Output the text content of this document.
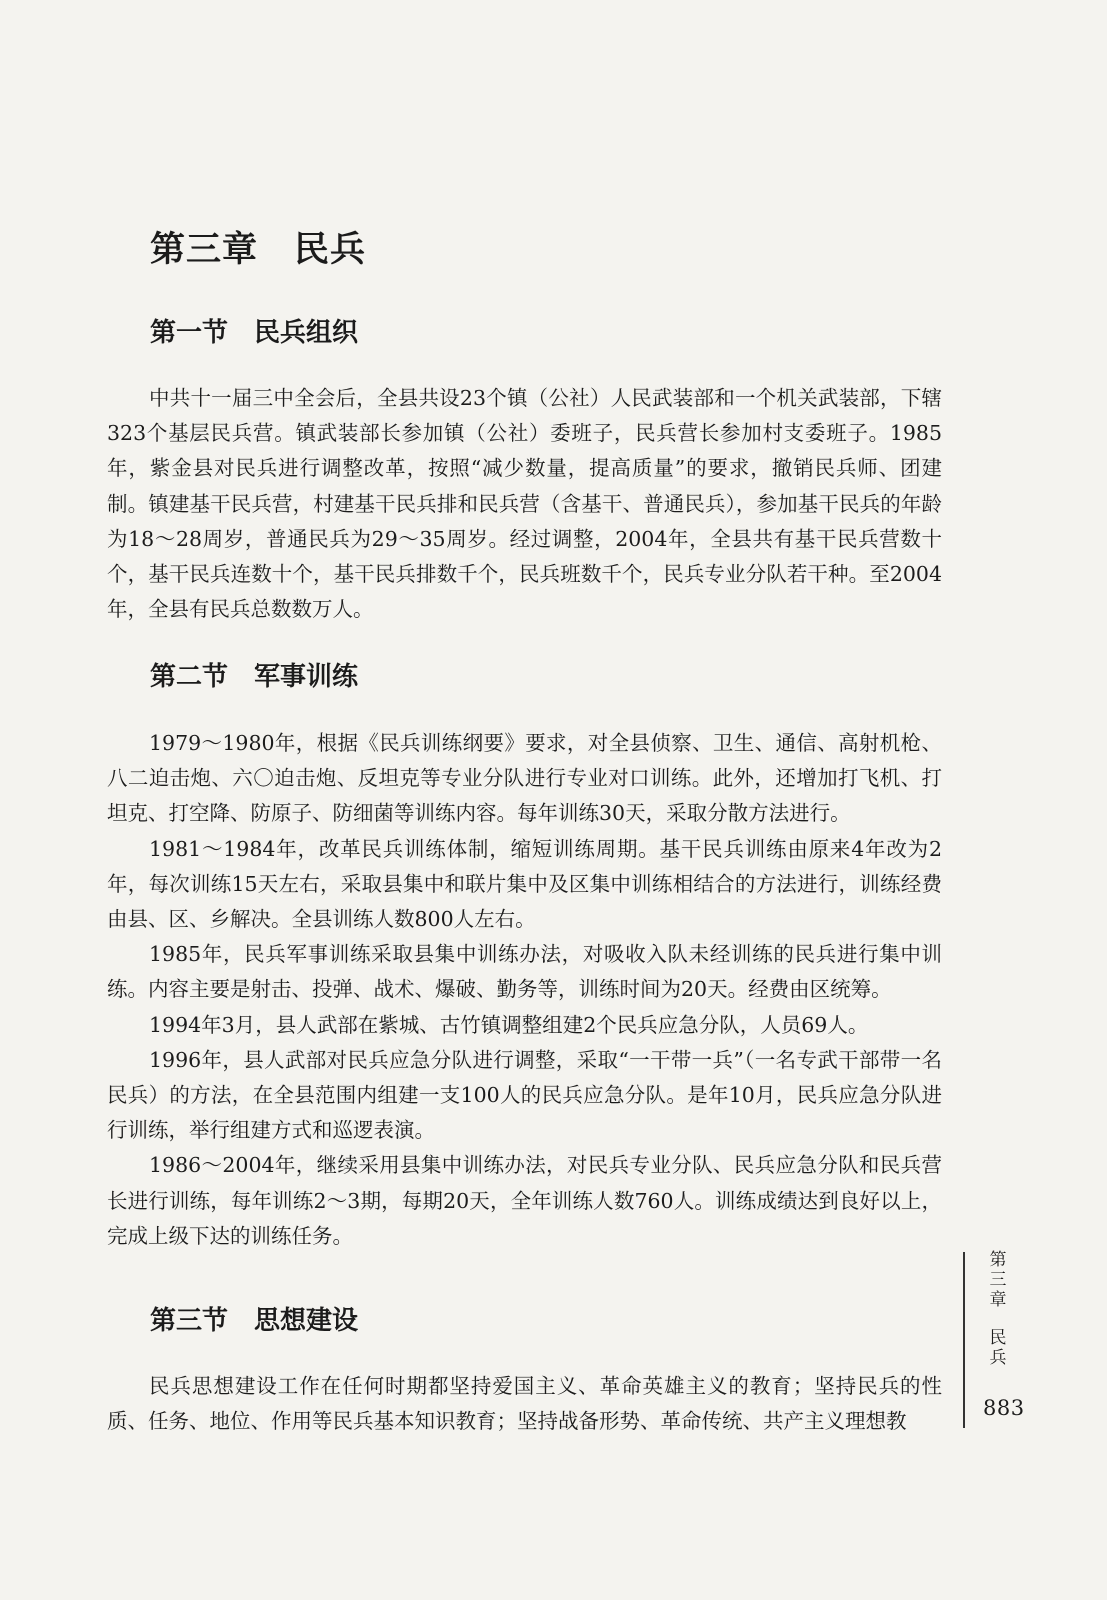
第三章　民兵
第一节　民兵组织

中共十一届三中全会后，全县共设23个镇（公社）人民武装部和一个机关武装部，下辖323个基层民兵营。镇武装部长参加镇（公社）委班子，民兵营长参加村支委班子。1985年，紫金县对民兵进行调整改革，按照“减少数量，提高质量”的要求，撤销民兵师、团建制。镇建基干民兵营，村建基干民兵排和民兵营（含基干、普通民兵），参加基干民兵的年龄为18～28周岁，普通民兵为29～35周岁。经过调整，2004年，全县共有基干民兵营数十个，基干民兵连数十个，基干民兵排数千个，民兵班数千个，民兵专业分队若干种。至2004年，全县有民兵总数数万人。

第二节　军事训练

1979～1980年，根据《民兵训练纲要》要求，对全县侦察、卫生、通信、高射机枪、八二迫击炮、六〇迫击炮、反坦克等专业分队进行专业对口训练。此外，还增加打飞机、打坦克、打空降、防原子、防细菌等训练内容。每年训练30天，采取分散方法进行。

1981～1984年，改革民兵训练体制，缩短训练周期。基干民兵训练由原来4年改为2年，每次训练15天左右，采取县集中和联片集中及区集中训练相结合的方法进行，训练经费由县、区、乡解决。全县训练人数800人左右。

1985年，民兵军事训练采取县集中训练办法，对吸收入队未经训练的民兵进行集中训练。内容主要是射击、投弹、战术、爆破、勤务等，训练时间为20天。经费由区统筹。

1994年3月，县人武部在紫城、古竹镇调整组建2个民兵应急分队，人员69人。

1996年，县人武部对民兵应急分队进行调整，采取“一干带一兵”（一名专武干部带一名民兵）的方法，在全县范围内组建一支100人的民兵应急分队。是年10月，民兵应急分队进行训练，举行组建方式和巡逻表演。

1986～2004年，继续采用县集中训练办法，对民兵专业分队、民兵应急分队和民兵营长进行训练，每年训练2～3期，每期20天，全年训练人数760人。训练成绩达到良好以上，完成上级下达的训练任务。

第三节　思想建设

民兵思想建设工作在任何时期都坚持爱国主义、革命英雄主义的教育；坚持民兵的性质、任务、地位、作用等民兵基本知识教育；坚持战备形势、革命传统、共产主义理想教

第
三
章
民
兵
883
